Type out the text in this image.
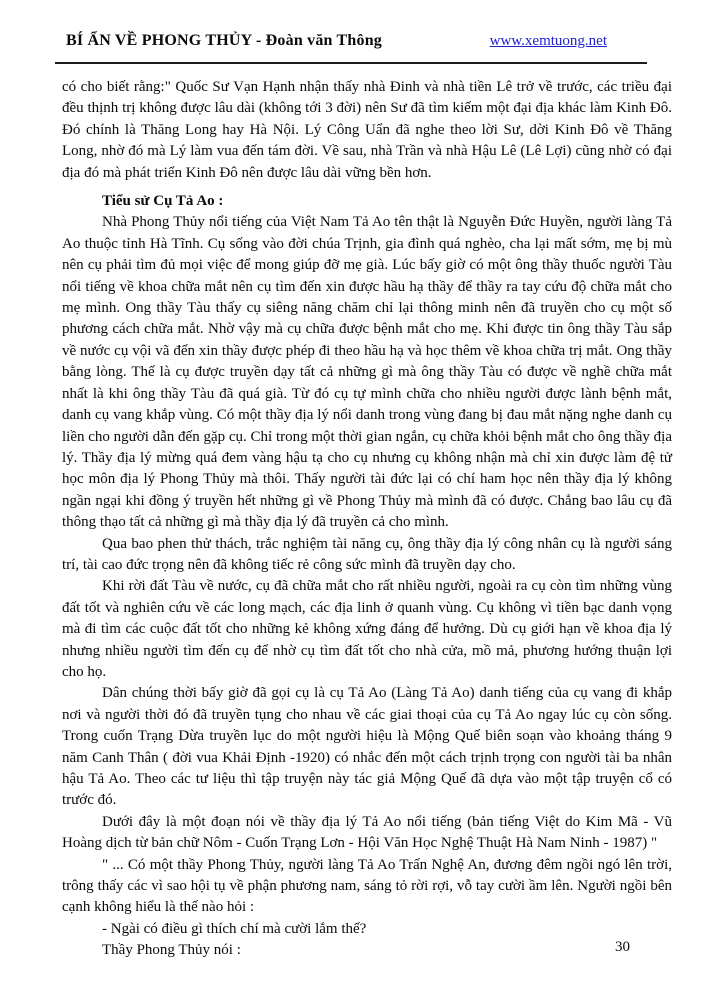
BÍ ẨN VỀ PHONG THỦY - Đoàn văn Thông	www.xemtuong.net

có cho biết rằng:" Quốc Sư Vạn Hạnh nhận thấy nhà Đinh và nhà tiền Lê trở về trước, các triều đại đều thịnh trị không được lâu dài (không tới 3 đời) nên Sư đã tìm kiếm một đại địa khác làm Kinh Đô. Đó chính là Thăng Long hay Hà Nội. Lý Công Uẩn đã nghe theo lời Sư, dời Kinh Đô về Thăng Long, nhờ đó mà Lý làm vua đến tám đời. Về sau, nhà Trần và nhà Hậu Lê (Lê Lợi) cũng nhờ có đại địa đó mà phát triển Kinh Đô nên được lâu dài vững bền hơn.

Tiểu sử Cụ Tả Ao :

Nhà Phong Thủy nổi tiếng của Việt Nam Tả Ao tên thật là Nguyễn Đức Huyền, người làng Tả Ao thuộc tỉnh Hà Tĩnh. Cụ sống vào đời chúa Trịnh, gia đình quá nghèo, cha lại mất sớm, mẹ bị mù nên cụ phải tìm đủ mọi việc để mong giúp đỡ mẹ già. Lúc bấy giờ có một ông thầy thuốc người Tàu nổi tiếng về khoa chữa mắt nên cụ tìm đến xin được hầu hạ thầy để thầy ra tay cứu độ chữa mắt cho mẹ mình. Ong thầy Tàu thấy cụ siêng năng chăm chỉ lại thông minh nên đã truyền cho cụ một số phương cách chữa mắt. Nhờ vậy mà cụ chữa được bệnh mắt cho mẹ. Khi được tin ông thầy Tàu sắp về nước cụ vội vã đến xin thầy được phép đi theo hầu hạ và học thêm về khoa chữa trị mắt. Ong thầy bằng lòng. Thế là cụ được truyền dạy tất cả những gì mà ông thầy Tàu có được về nghề chữa mắt nhất là khi ông thầy Tàu đã quá già. Từ đó cụ tự mình chữa cho nhiều người được lành bệnh mắt, danh cụ vang khắp vùng. Có một thầy địa lý nổi danh trong vùng đang bị đau mắt nặng nghe danh cụ liền cho người dẫn đến gặp cụ. Chỉ trong một thời gian ngắn, cụ chữa khỏi bệnh mắt cho ông thầy địa lý. Thầy địa lý mừng quá đem vàng hậu tạ cho cụ nhưng cụ không nhận mà chỉ xin được làm đệ tử học môn địa lý Phong Thủy mà thôi. Thấy người tài đức lại có chí ham học nên thầy địa lý không ngần ngại khi đồng ý truyền hết những gì về Phong Thủy mà mình đã có được. Chẳng bao lâu cụ đã thông thạo tất cả những gì mà thầy địa lý đã truyền cả cho mình.

Qua bao phen thử thách, trắc nghiệm tài năng cụ, ông thầy địa lý công nhân cụ là người sáng trí, tài cao đức trọng nên đã không tiếc rẻ công sức mình đã truyền dạy cho.

Khi rời đất Tàu về nước, cụ đã chữa mắt cho rất nhiều người, ngoài ra cụ còn tìm những vùng đất tốt và nghiên cứu về các long mạch, các địa linh ở quanh vùng. Cụ không vì tiền bạc danh vọng mà đi tìm các cuộc đất tốt cho những kẻ không xứng đáng để hưởng. Dù cụ giới hạn về khoa địa lý nhưng nhiều người tìm đến cụ để nhờ cụ tìm đất tốt cho nhà cửa, mồ mả, phương hướng thuận lợi cho họ.

Dân chúng thời bấy giờ đã gọi cụ là cụ Tả Ao (Làng Tả Ao) danh tiếng của cụ vang đi khắp nơi và người thời đó đã truyền tụng cho nhau về các giai thoại của cụ Tả Ao ngay lúc cụ còn sống. Trong cuốn Trạng Dừa truyền lục do một người hiệu là Mộng Quế biên soạn vào khoảng tháng 9 năm Canh Thân ( đời vua Khải Định -1920) có nhắc đến một cách trịnh trọng con người tài ba nhân hậu Tả Ao. Theo các tư liệu thì tập truyện này tác giả Mộng Quế đã dựa vào một tập truyện cổ có trước đó.

Dưới đây là một đoạn nói về thầy địa lý Tả Ao nổi tiếng (bản tiếng Việt do Kim Mã - Vũ Hoàng dịch từ bản chữ Nôm - Cuốn Trạng Lơn - Hội Văn Học Nghệ Thuật Hà Nam Ninh - 1987) "

" ... Có một thầy Phong Thủy, người làng Tả Ao Trấn Nghệ An, đương đêm ngồi ngó lên trời, trông thấy các vì sao hội tụ về phận phương nam, sáng tỏ rời rợi, vỗ tay cười ầm lên. Người ngồi bên cạnh không hiểu là thế nào hỏi :

- Ngài có điều gì thích chí mà cười lắm thế?

Thầy Phong Thủy nói :	30
